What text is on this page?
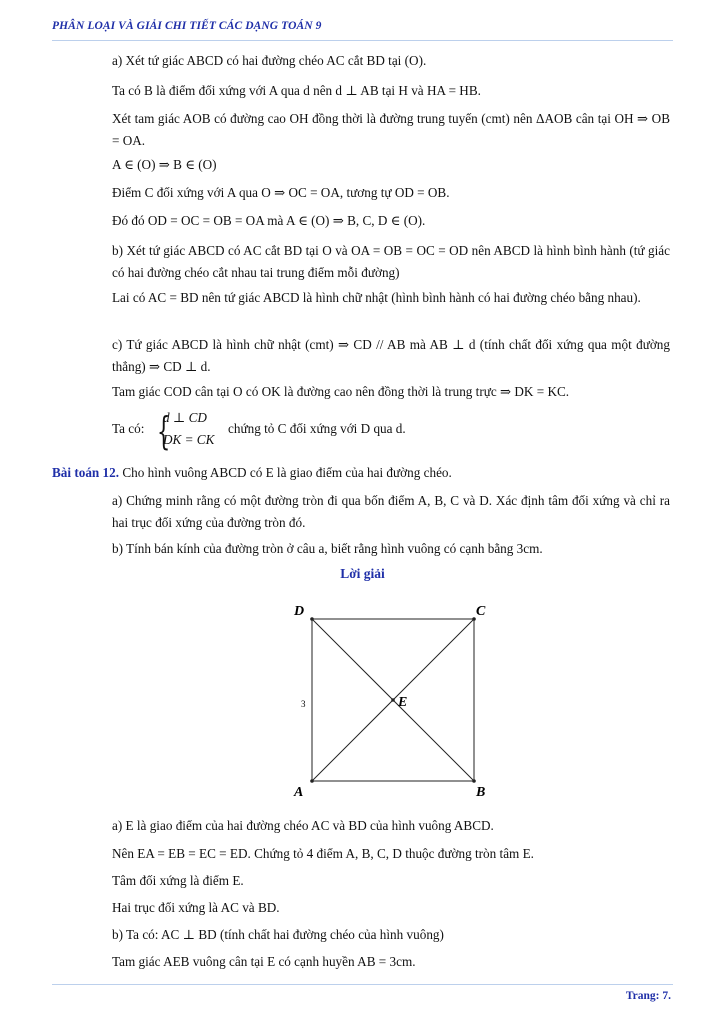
PHÂN LOẠI VÀ GIẢI CHI TIẾT CÁC DẠNG TOÁN 9
a) Xét tứ giác ABCD có hai đường chéo AC cắt BD tại (O).
Ta có B là điểm đối xứng với A qua d nên d ⊥ AB tại H và HA = HB.
Xét tam giác AOB có đường cao OH đồng thời là đường trung tuyến (cmt) nên ΔAOB cân tại OH ⇒ OB = OA.
A ∈ (O) ⇒ B ∈ (O)
Điểm C đối xứng với A qua O ⇒ OC = OA, tương tự OD = OB.
Đó đó OD = OC = OB = OA mà A ∈ (O) ⇒ B, C, D ∈ (O).
b) Xét tứ giác ABCD có AC cắt BD tại O và OA = OB = OC = OD nên ABCD là hình bình hành (tứ giác có hai đường chéo cắt nhau tai trung điểm mỗi đường)
Lai có AC = BD nên tứ giác ABCD là hình chữ nhật (hình bình hành có hai đường chéo bằng nhau).
c) Tứ giác ABCD là hình chữ nhật (cmt) ⇒ CD // AB mà AB ⊥ d (tính chất đối xứng qua một đường thẳng) ⇒ CD ⊥ d.
Tam giác COD cân tại O có OK là đường cao nên đồng thời là trung trực ⇒ DK = KC.
Ta có: {
d ⊥ CD
DK = CK
chứng tỏ C đối xứng với D qua d.
Bài toán 12. Cho hình vuông ABCD có E là giao điểm của hai đường chéo.
a) Chứng minh rằng có một đường tròn đi qua bốn điểm A, B, C và D. Xác định tâm đối xứng và chỉ ra hai trục đối xứng của đường tròn đó.
b) Tính bán kính của đường tròn ở câu a, biết rằng hình vuông có cạnh bằng 3cm.
Lời giải
D	C
A	B
E
3
a) E là giao điểm của hai đường chéo AC và BD của hình vuông ABCD.
Nên EA = EB = EC = ED. Chứng tỏ 4 điểm A, B, C, D thuộc đường tròn tâm E.
Tâm đối xứng là điểm E.
Hai trục đối xứng là AC và BD.
b) Ta có: AC ⊥ BD (tính chất hai đường chéo của hình vuông)
Tam giác AEB vuông cân tại E có cạnh huyền AB = 3cm.
Trang: 7.
